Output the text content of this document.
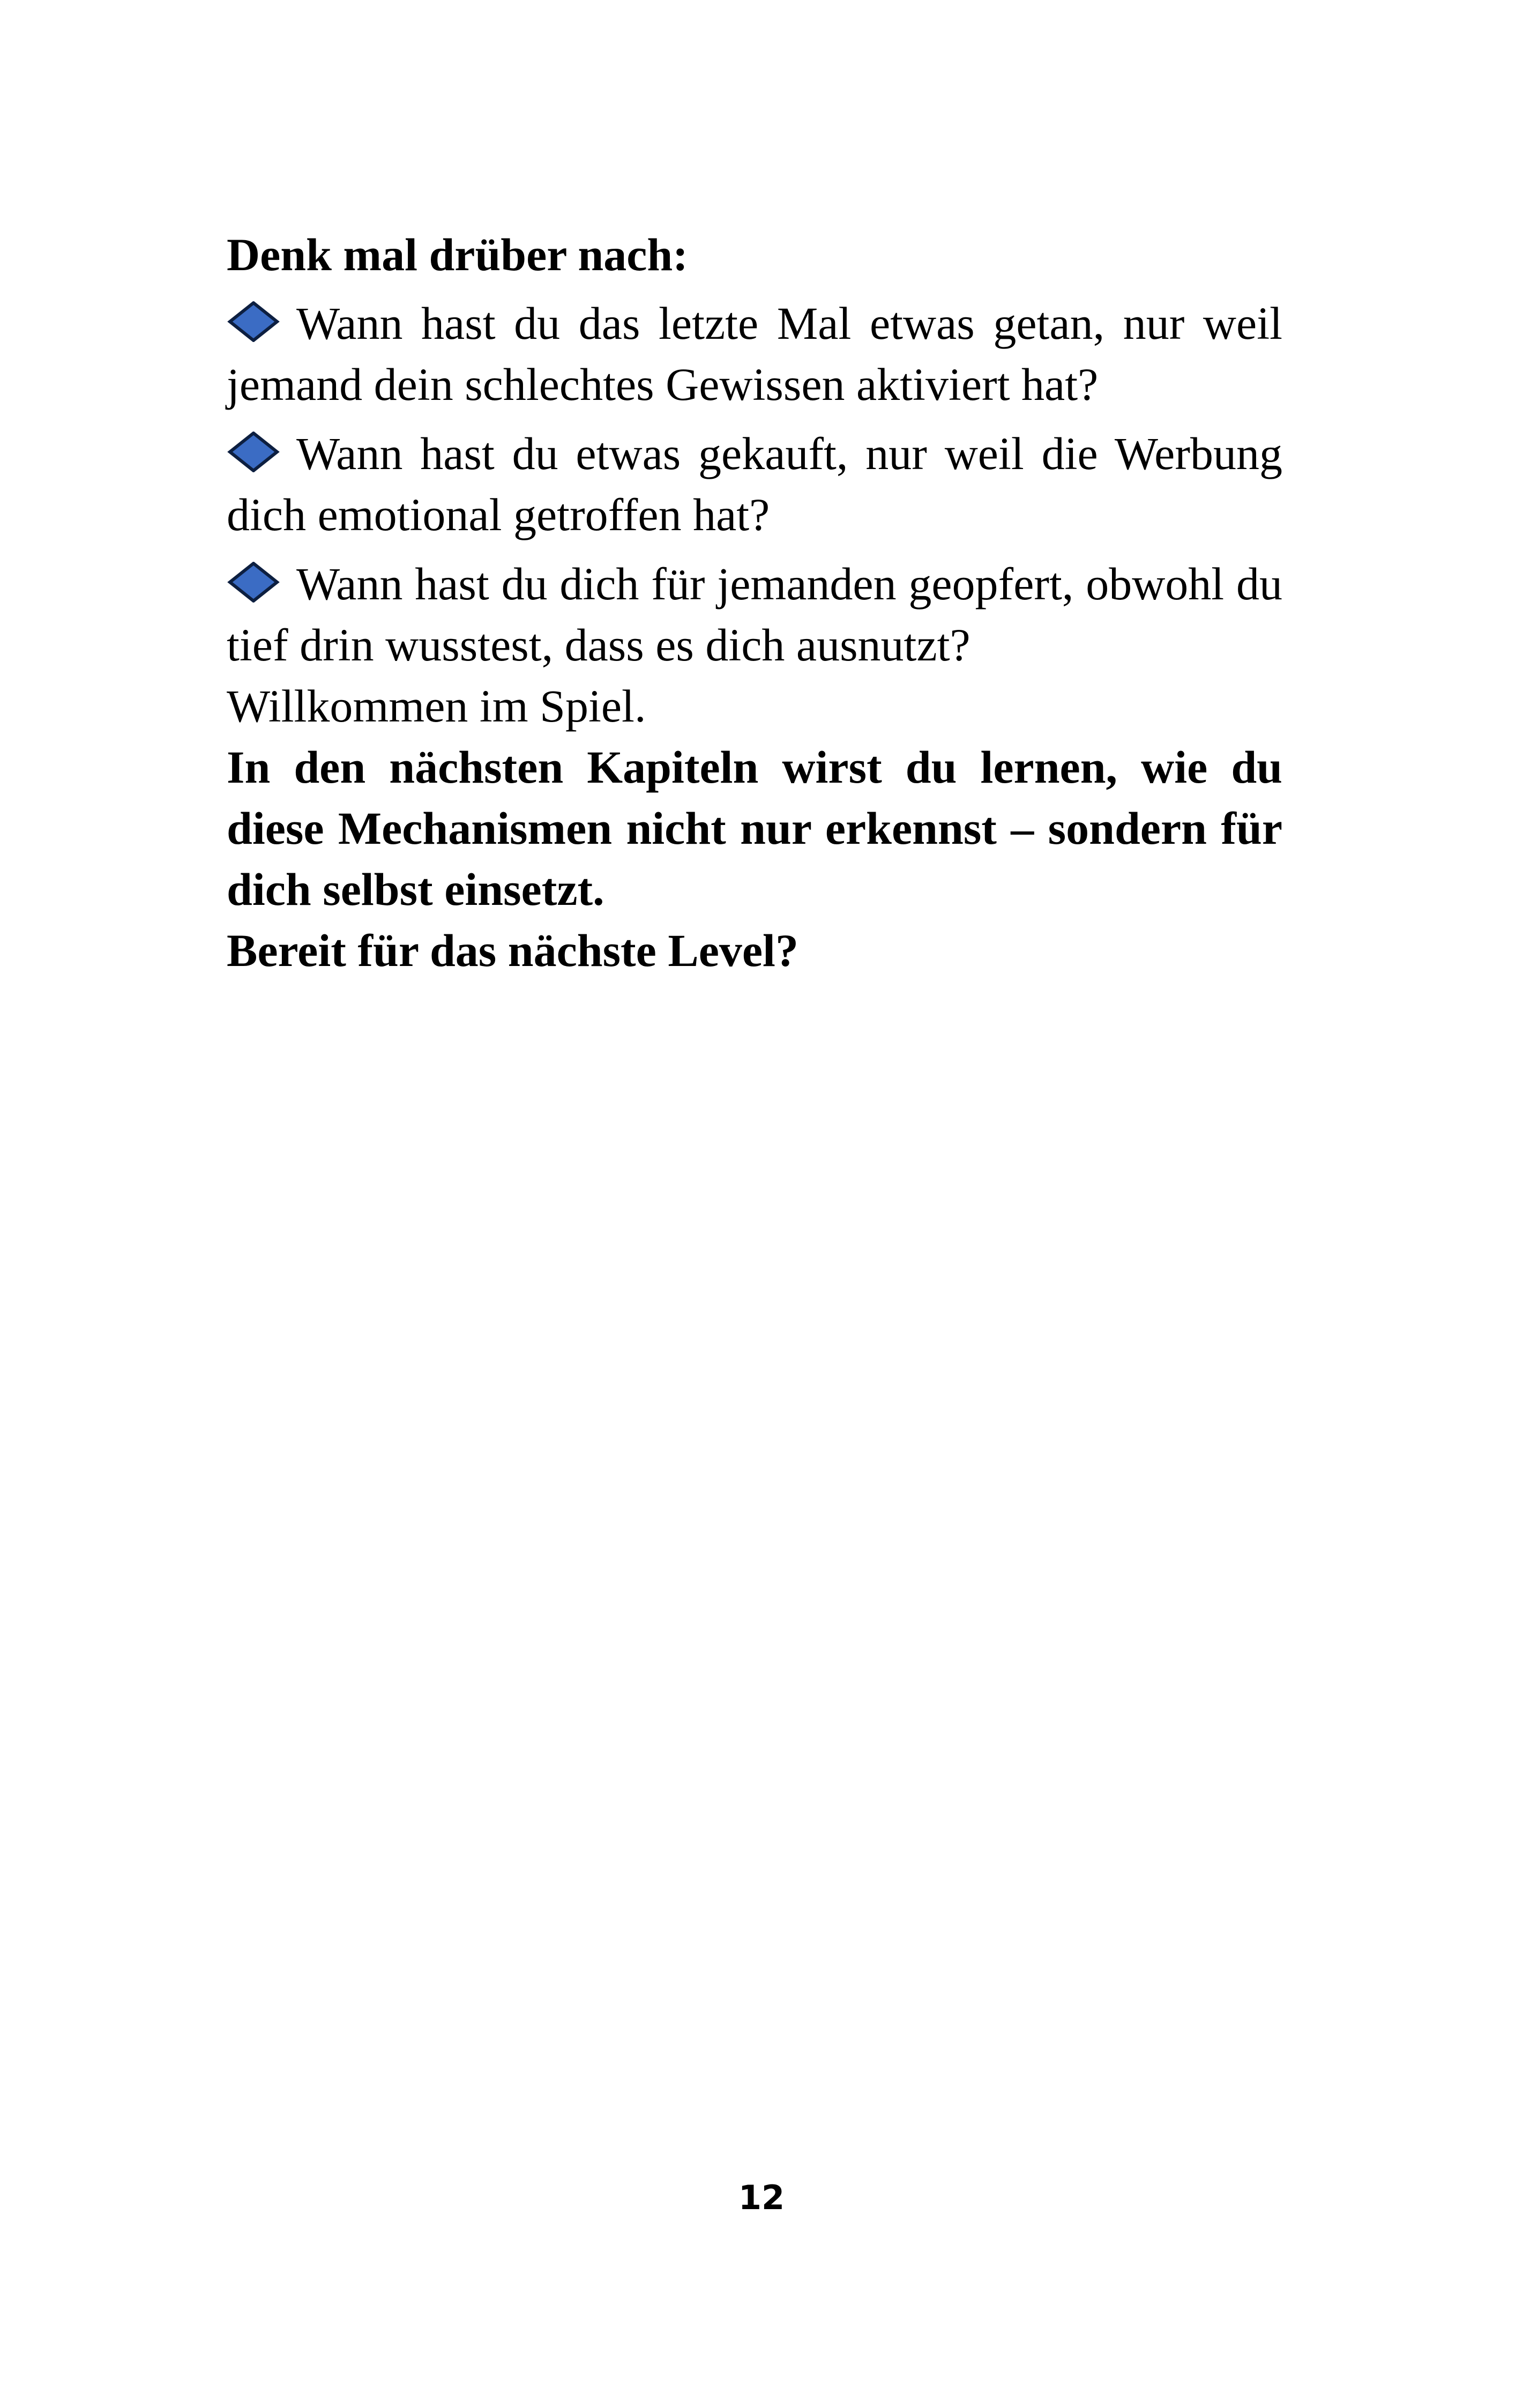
Denk mal drüber nach:

Wann hast du das letzte Mal etwas getan, nur weil jemand dein schlechtes Gewissen aktiviert hat?

Wann hast du etwas gekauft, nur weil die Werbung dich emotional getroffen hat?

Wann hast du dich für jemanden geopfert, obwohl du tief drin wusstest, dass es dich ausnutzt?

Willkommen im Spiel.

In den nächsten Kapiteln wirst du lernen, wie du diese Mechanismen nicht nur erkennst – sondern für dich selbst einsetzt.

Bereit für das nächste Level?

12
